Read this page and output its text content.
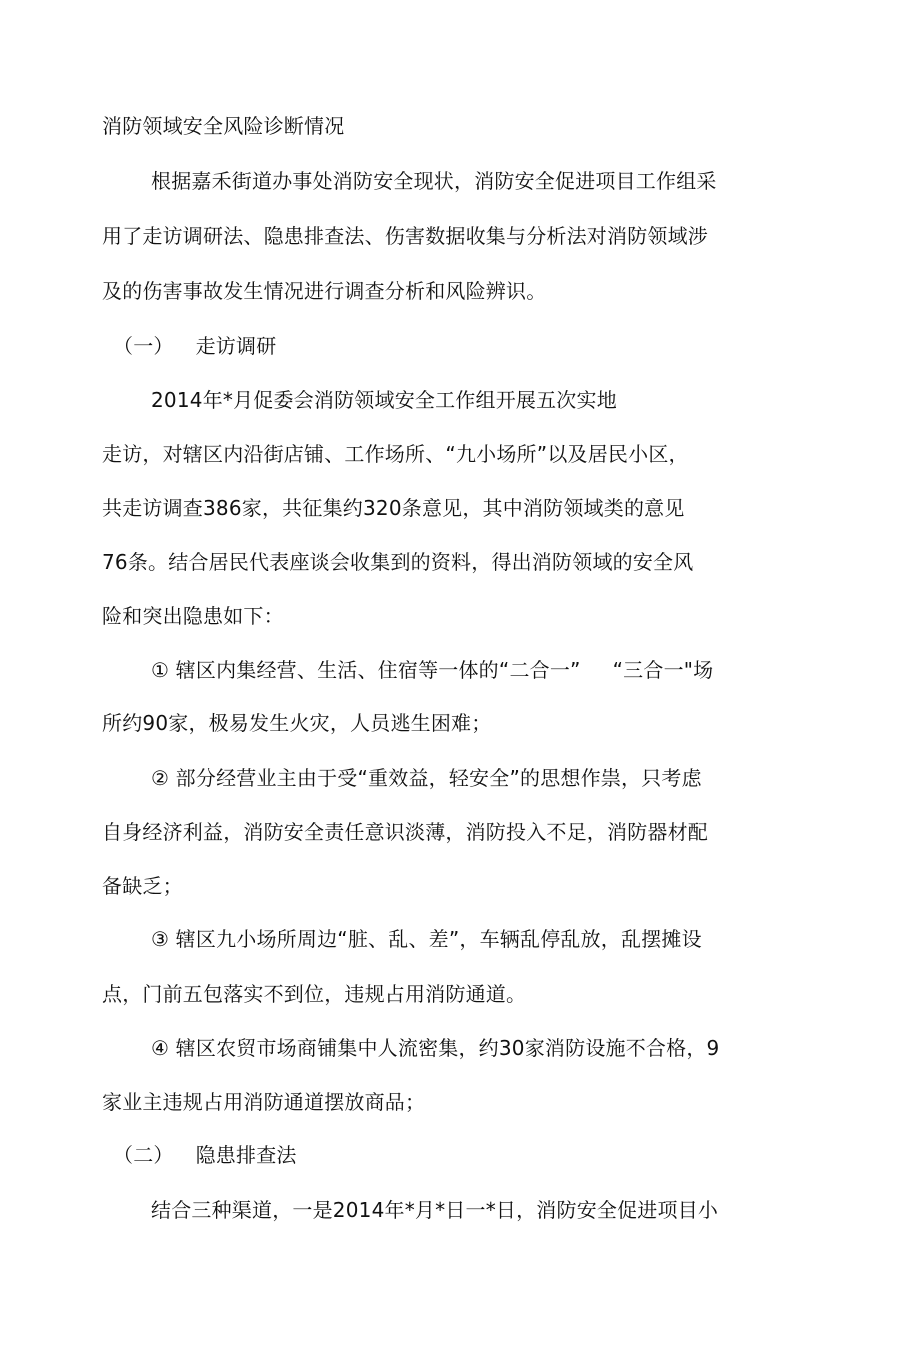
消防领域安全风险诊断情况
根据嘉禾街道办事处消防安全现状，消防安全促进项目工作组采
用了走访调研法、隐患排查法、伤害数据收集与分析法对消防领域涉
及的伤害事故发生情况进行调查分析和风险辨识。
（一） 走访调研
2014年*月促委会消防领域安全工作组开展五次实地
走访，对辖区内沿街店铺、工作场所、“九小场所”以及居民小区，
共走访调查386家，共征集约320条意见，其中消防领域类的意见
76条。结合居民代表座谈会收集到的资料，得出消防领域的安全风
险和突出隐患如下：
① 辖区内集经营、生活、住宿等一体的“二合一” “三合一"场
所约90家，极易发生火灾，人员逃生困难；
② 部分经营业主由于受“重效益，轻安全”的思想作祟，只考虑
自身经济利益，消防安全责任意识淡薄，消防投入不足，消防器材配
备缺乏；
③ 辖区九小场所周边“脏、乱、差”，车辆乱停乱放，乱摆摊设
点，门前五包落实不到位，违规占用消防通道。
④ 辖区农贸市场商铺集中人流密集，约30家消防设施不合格，9
家业主违规占用消防通道摆放商品；
（二） 隐患排查法
结合三种渠道，一是2014年*月*日一*日，消防安全促进项目小
